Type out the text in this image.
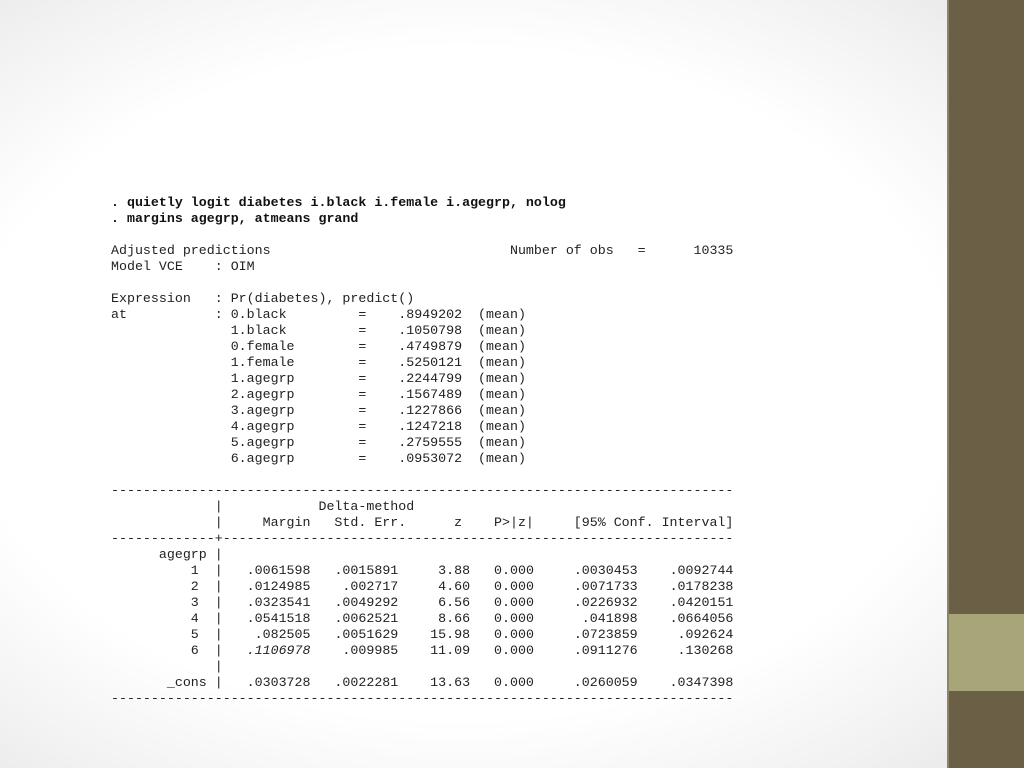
. quietly logit diabetes i.black i.female i.agegrp, nolog
. margins agegrp, atmeans grand
Adjusted predictions                              Number of obs   =      10335
Model VCE    : OIM
Expression   : Pr(diabetes), predict()
at           : 0.black         =    .8949202  (mean)
1.black         =    .1050798  (mean)
0.female        =    .4749879  (mean)
1.female        =    .5250121  (mean)
1.agegrp        =    .2244799  (mean)
2.agegrp        =    .1567489  (mean)
3.agegrp        =    .1227866  (mean)
4.agegrp        =    .1247218  (mean)
5.agegrp        =    .2759555  (mean)
6.agegrp        =    .0953072  (mean)
------------------------------------------------------------------------------
|            Delta-method
|     Margin   Std. Err.      z    P>|z|     [95% Conf. Interval]
-------------+----------------------------------------------------------------
agegrp |
1  |   .0061598   .0015891     3.88   0.000     .0030453    .0092744
2  |   .0124985    .002717     4.60   0.000     .0071733    .0178238
3  |   .0323541   .0049292     6.56   0.000     .0226932    .0420151
4  |   .0541518   .0062521     8.66   0.000      .041898    .0664056
5  |    .082505   .0051629    15.98   0.000     .0723859     .092624
6  |   .1106978    .009985    11.09   0.000     .0911276     .130268
|
_cons |   .0303728   .0022281    13.63   0.000     .0260059    .0347398
------------------------------------------------------------------------------
